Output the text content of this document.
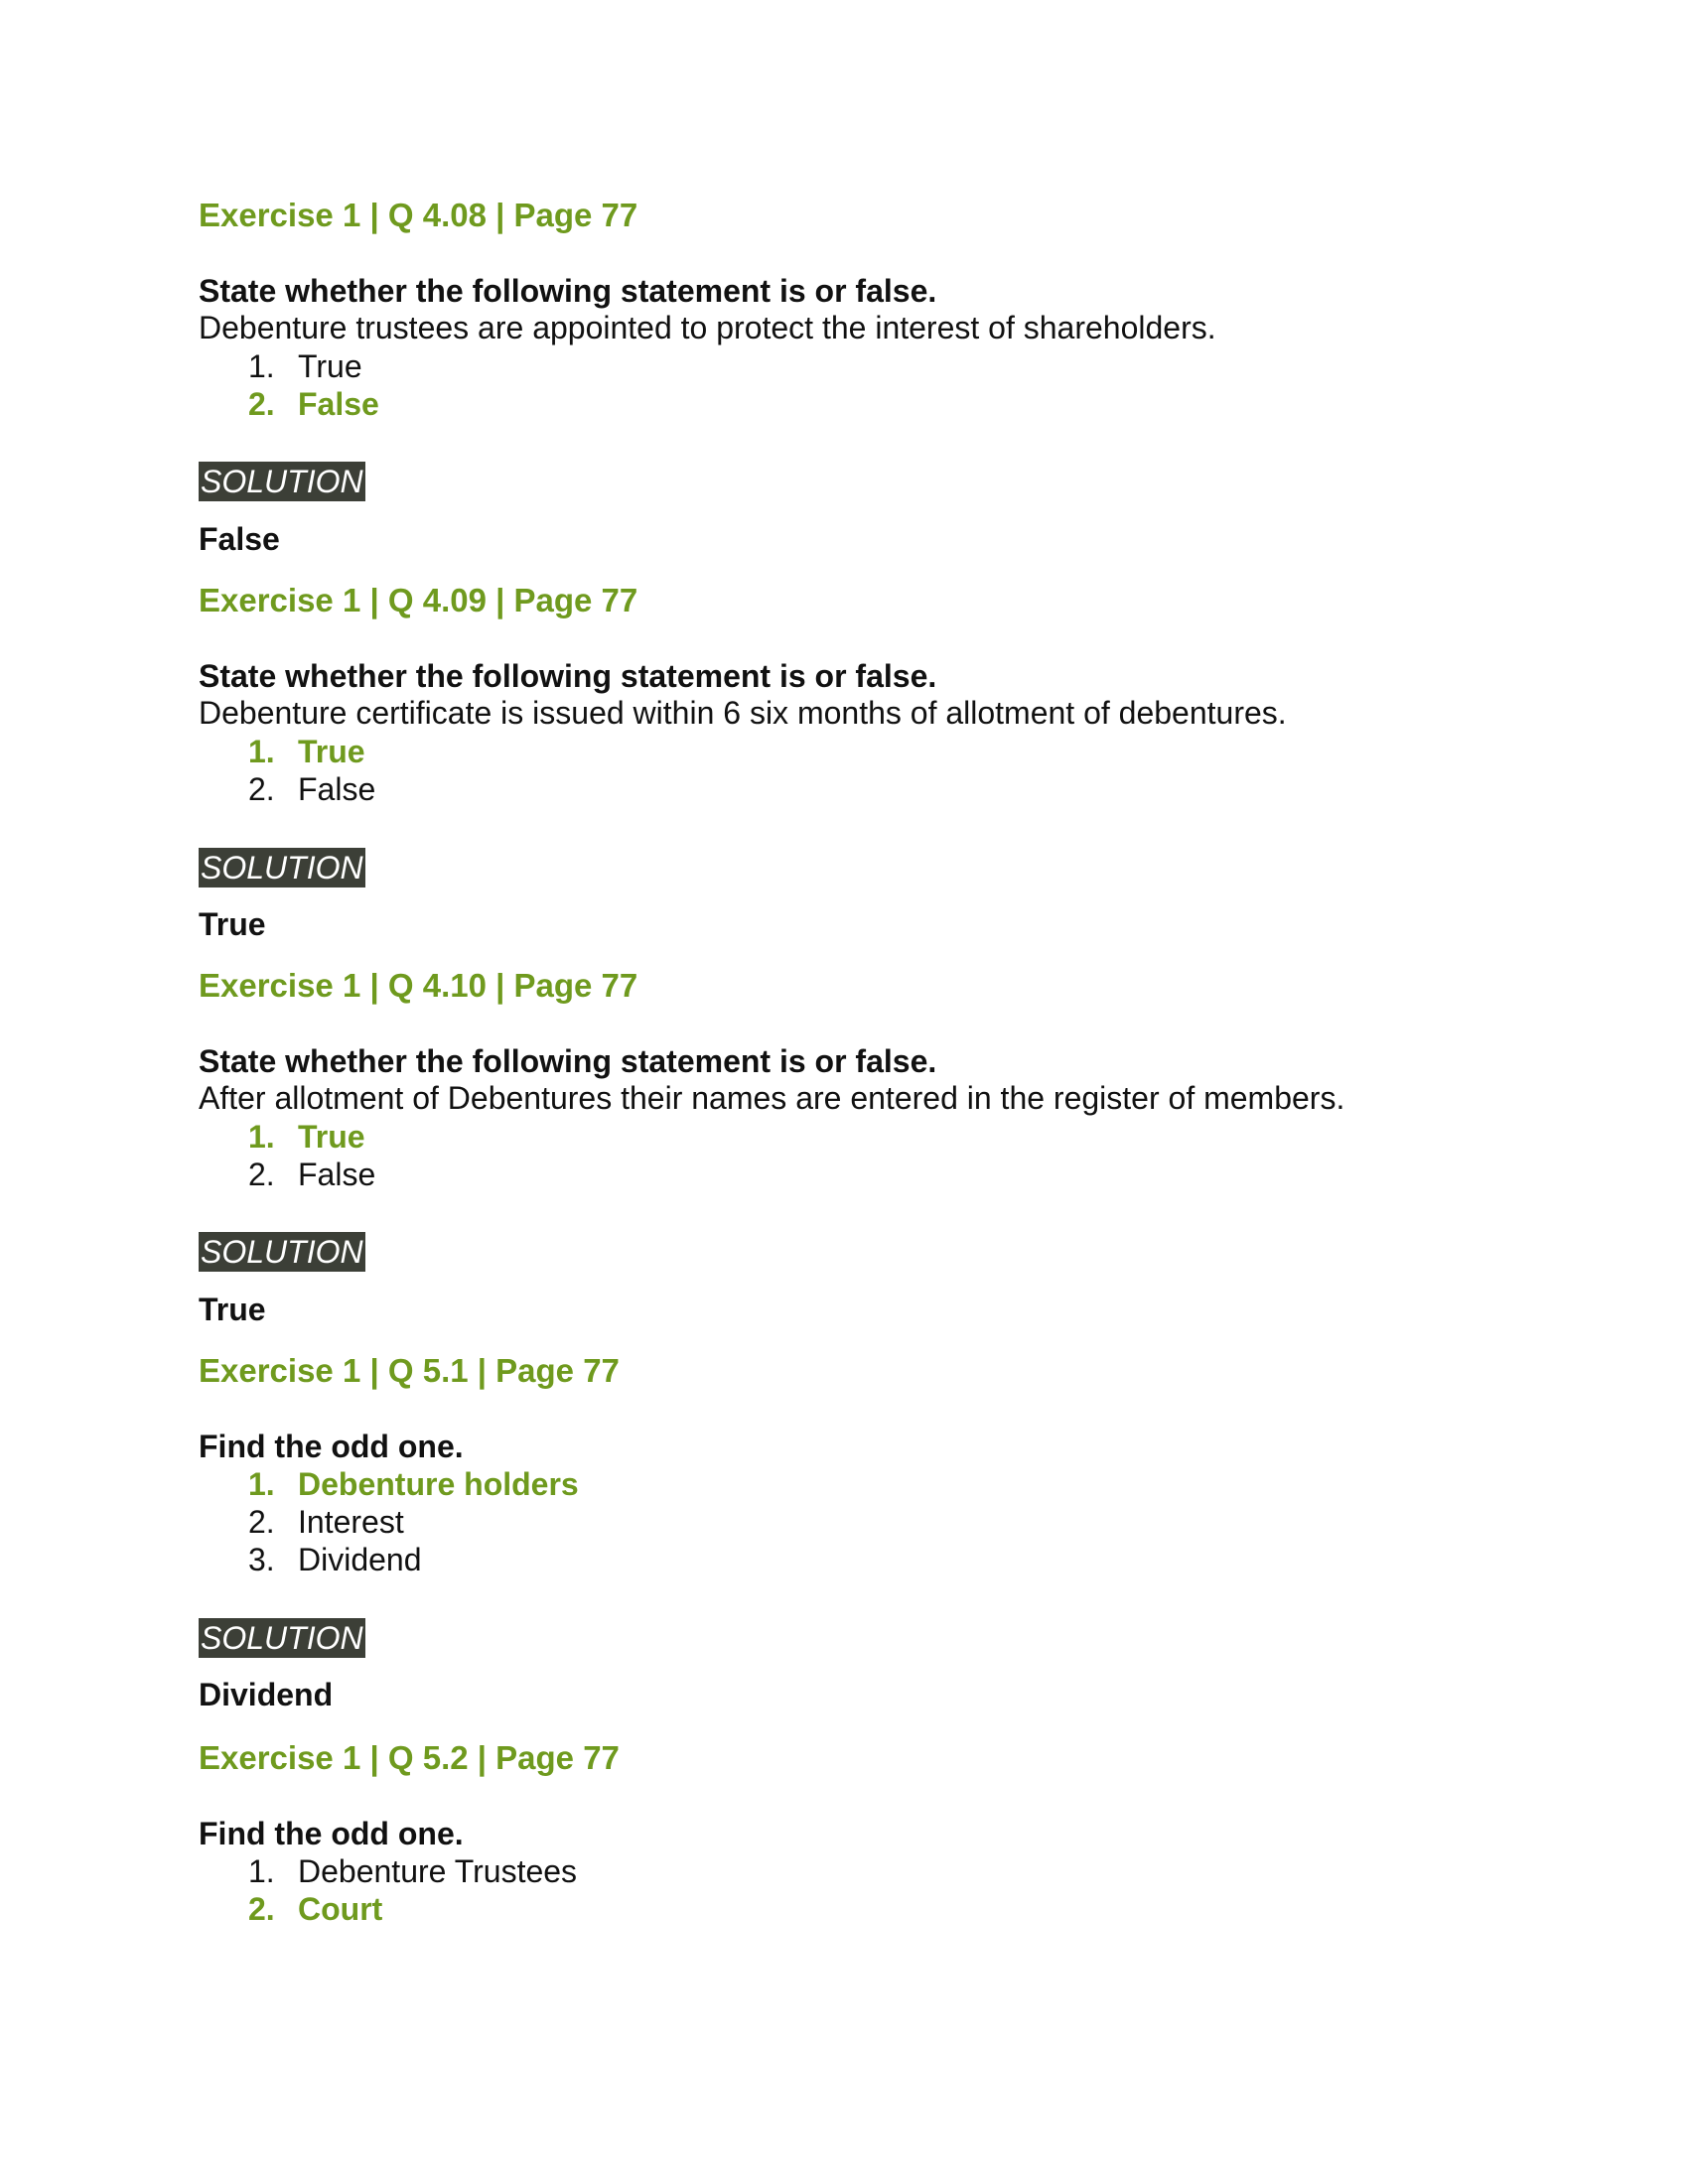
Exercise 1 | Q 4.08 | Page 77
State whether the following statement is or false.
Debenture trustees are appointed to protect the interest of shareholders.
1. True
2. False
SOLUTION
False
Exercise 1 | Q 4.09 | Page 77
State whether the following statement is or false.
Debenture certificate is issued within 6 six months of allotment of debentures.
1. True
2. False
SOLUTION
True
Exercise 1 | Q 4.10 | Page 77
State whether the following statement is or false.
After allotment of Debentures their names are entered in the register of members.
1. True
2. False
SOLUTION
True
Exercise 1 | Q 5.1 | Page 77
Find the odd one.
1. Debenture holders
2. Interest
3. Dividend
SOLUTION
Dividend
Exercise 1 | Q 5.2 | Page 77
Find the odd one.
1. Debenture Trustees
2. Court
